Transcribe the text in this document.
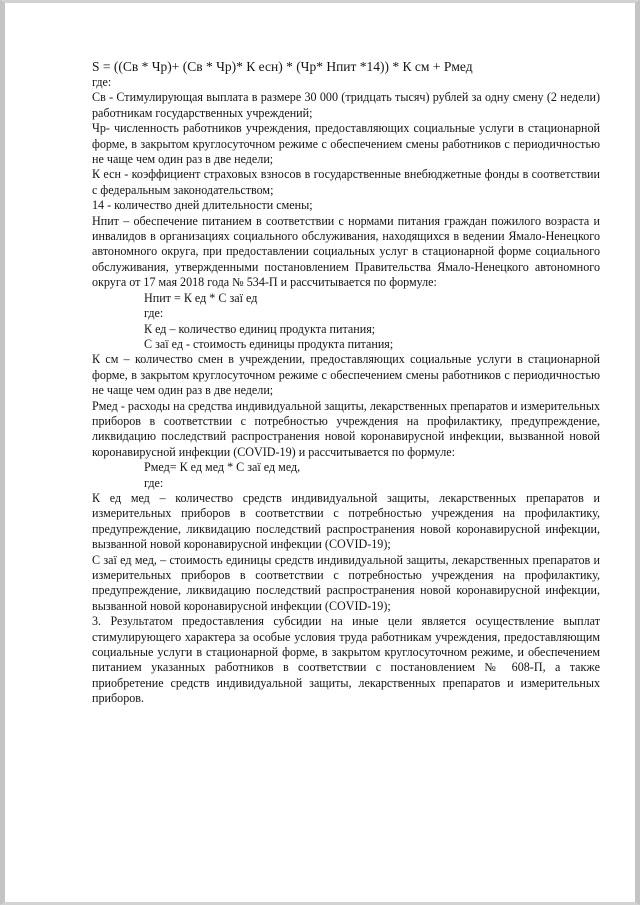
S = ((Св * Чр)+ (Св * Чр)* К есн) * (Чр* Нпит *14)) * К см + Рмед

где:

Св - Стимулирующая выплата в размере 30 000 (тридцать тысяч) рублей за одну смену (2 недели) работникам государственных учреждений;

Чр- численность работников учреждения, предоставляющих социальные услуги в стационарной форме, в закрытом круглосуточном режиме с обеспечением смены работников с периодичностью не чаще чем один раз в две недели;

К есн - коэффициент страховых взносов в государственные внебюджетные фонды в соответствии с федеральным законодательством;

14 - количество дней длительности смены;

Нпит – обеспечение питанием в соответствии с нормами питания граждан пожилого возраста и инвалидов в организациях социального обслуживания, находящихся в ведении Ямало-Ненецкого автономного округа, при предоставлении социальных услуг в стационарной форме социального обслуживания, утвержденными постановлением Правительства Ямало-Ненецкого автономного округа от 17 мая 2018 года № 534-П и рассчитывается по формуле:

Нпит = К ед * С заї ед

где:

К ед – количество единиц продукта питания;

С заї ед - стоимость единицы продукта питания;

К см – количество смен в учреждении, предоставляющих социальные услуги в стационарной форме, в закрытом круглосуточном режиме с обеспечением смены работников с периодичностью не чаще чем один раз в две недели;

Рмед - расходы на средства индивидуальной защиты, лекарственных препаратов и измерительных приборов в соответствии с потребностью учреждения на профилактику, предупреждение, ликвидацию последствий распространения новой коронавирусной инфекции, вызванной новой коронавирусной инфекции (COVID-19) и рассчитывается по формуле:

Рмед= К ед мед * С заї ед мед,

где:

К ед мед – количество средств индивидуальной защиты, лекарственных препаратов и измерительных приборов в соответствии с потребностью учреждения на профилактику, предупреждение, ликвидацию последствий распространения новой коронавирусной инфекции, вызванной новой коронавирусной инфекции (COVID-19);

С заї ед мед, – стоимость единицы средств индивидуальной защиты, лекарственных препаратов и измерительных приборов в соответствии с потребностью учреждения на профилактику, предупреждение, ликвидацию последствий распространения новой коронавирусной инфекции, вызванной новой коронавирусной инфекции (COVID-19);

3. Результатом предоставления субсидии на иные цели является осуществление выплат стимулирующего характера за особые условия труда работникам учреждения, предоставляющим социальные услуги в стационарной форме, в закрытом круглосуточном режиме, и обеспечением питанием указанных работников в соответствии с постановлением № 608-П, а также приобретение средств индивидуальной защиты, лекарственных препаратов и измерительных приборов.
